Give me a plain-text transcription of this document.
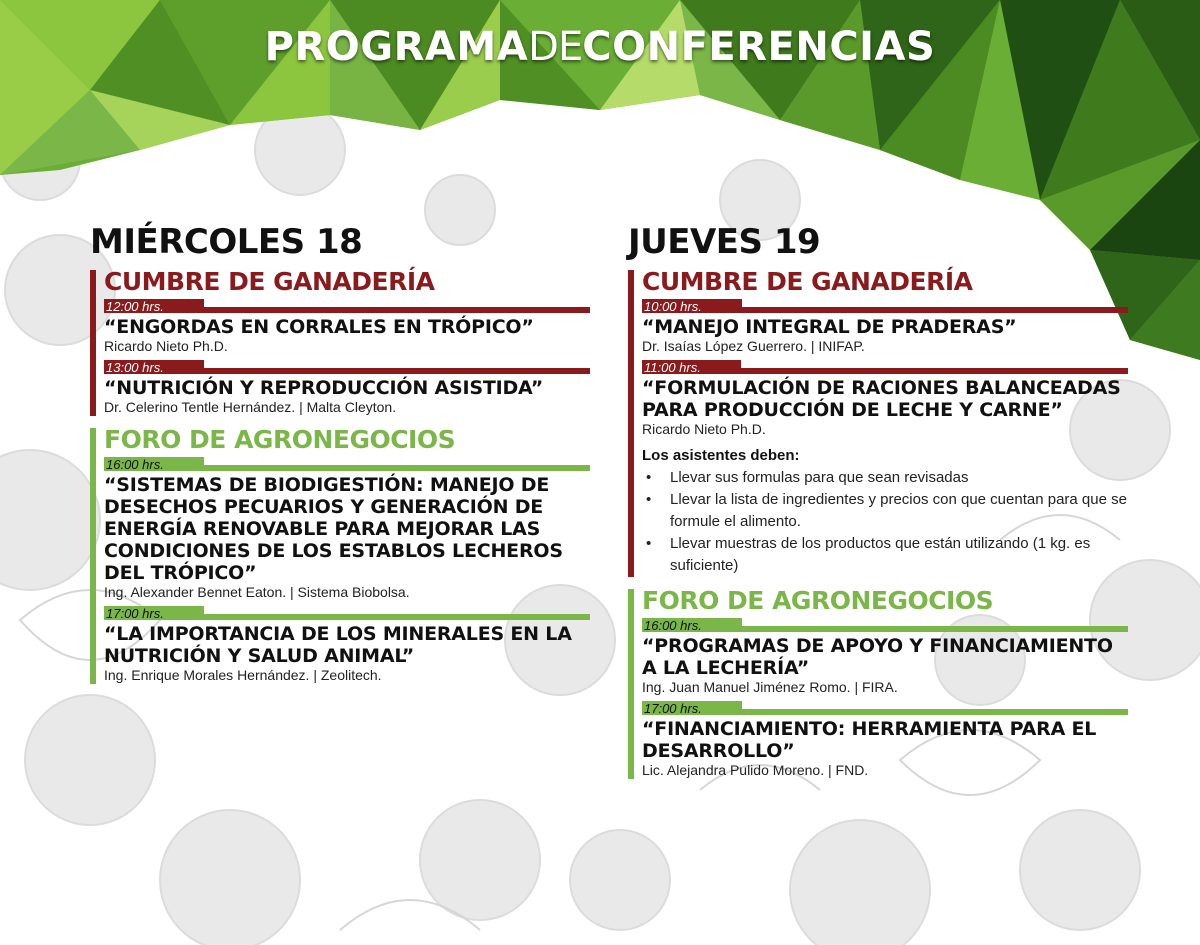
PROGRAMADECONFERENCIAS
MIÉRCOLES 18
CUMBRE DE GANADERÍA
12:00 hrs.
“ENGORDAS EN CORRALES EN TRÓPICO”
Ricardo Nieto Ph.D.
13:00 hrs.
“NUTRICIÓN Y REPRODUCCIÓN ASISTIDA”
Dr. Celerino Tentle Hernández. | Malta Cleyton.
FORO DE AGRONEGOCIOS
16:00 hrs.
“SISTEMAS DE BIODIGESTIÓN: MANEJO DE DESECHOS PECUARIOS Y GENERACIÓN DE ENERGÍA RENOVABLE PARA MEJORAR LAS CONDICIONES DE LOS ESTABLOS LECHEROS DEL TRÓPICO”
Ing. Alexander Bennet Eaton. | Sistema Biobolsa.
17:00 hrs.
“LA IMPORTANCIA DE LOS MINERALES EN LA NUTRICIÓN Y SALUD ANIMAL”
Ing. Enrique Morales Hernández. | Zeolitech.
JUEVES 19
CUMBRE DE GANADERÍA
10:00 hrs.
“MANEJO INTEGRAL DE PRADERAS”
Dr. Isaías López Guerrero. | INIFAP.
11:00 hrs.
“FORMULACIÓN DE RACIONES BALANCEADAS PARA PRODUCCIÓN DE LECHE Y CARNE”
Ricardo Nieto Ph.D.
Los asistentes deben:
• Llevar sus formulas para que sean revisadas
• Llevar la lista de ingredientes y precios con que cuentan para que se formule el alimento.
• Llevar muestras de los productos que están utilizando (1 kg. es suficiente)
FORO DE AGRONEGOCIOS
16:00 hrs.
“PROGRAMAS DE APOYO Y FINANCIAMIENTO A LA LECHERÍA”
Ing. Juan Manuel Jiménez Romo. | FIRA.
17:00 hrs.
“FINANCIAMIENTO: HERRAMIENTA PARA EL DESARROLLO”
Lic. Alejandra Pulido Moreno. | FND.
